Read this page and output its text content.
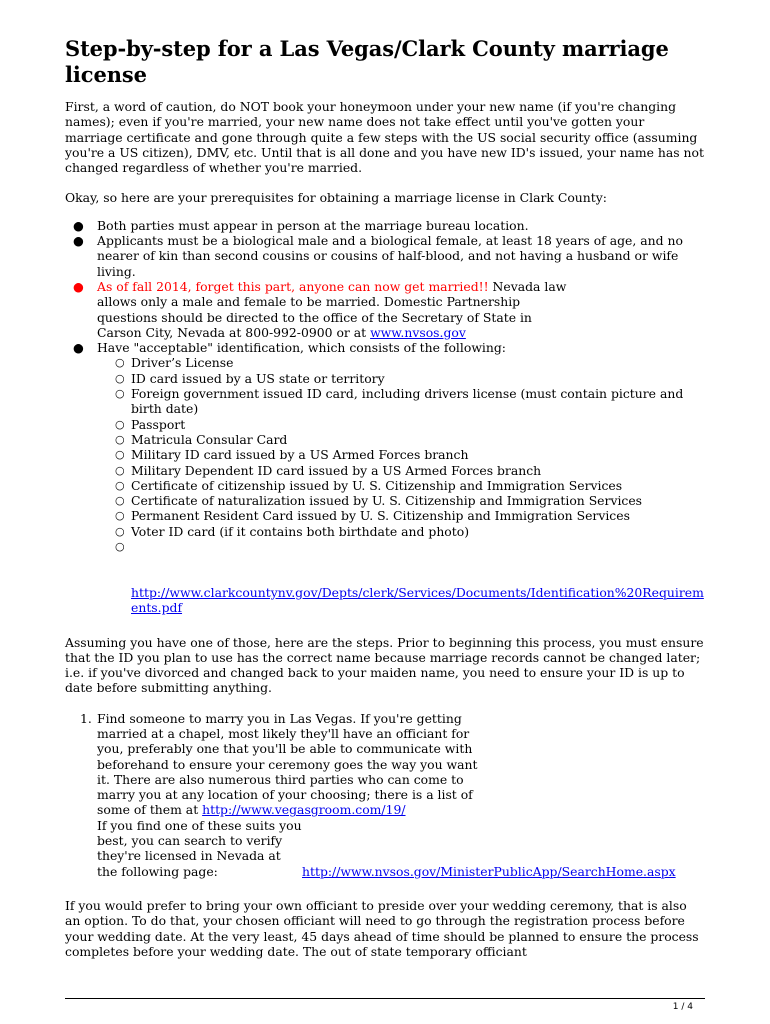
Step-by-step for a Las Vegas/Clark County marriage license

First, a word of caution, do NOT book your honeymoon under your new name (if you're changing names); even if you're married, your new name does not take effect until you've gotten your marriage certificate and gone through quite a few steps with the US social security office (assuming you're a US citizen), DMV, etc. Until that is all done and you have new ID's issued, your name has not changed regardless of whether you're married.

Okay, so here are your prerequisites for obtaining a marriage license in Clark County:

● Both parties must appear in person at the marriage bureau location.
● Applicants must be a biological male and a biological female, at least 18 years of age, and no nearer of kin than second cousins or cousins of half-blood, and not having a husband or wife living.
● As of fall 2014, forget this part, anyone can now get married!! Nevada law allows only a male and female to be married. Domestic Partnership questions should be directed to the office of the Secretary of State in Carson City, Nevada at 800-992-0900 or at www.nvsos.gov
● Have "acceptable" identification, which consists of the following:
○ Driver’s License
○ ID card issued by a US state or territory
○ Foreign government issued ID card, including drivers license (must contain picture and birth date)
○ Passport
○ Matricula Consular Card
○ Military ID card issued by a US Armed Forces branch
○ Military Dependent ID card issued by a US Armed Forces branch
○ Certificate of citizenship issued by U. S. Citizenship and Immigration Services
○ Certificate of naturalization issued by U. S. Citizenship and Immigration Services
○ Permanent Resident Card issued by U. S. Citizenship and Immigration Services
○ Voter ID card (if it contains both birthdate and photo)
○

http://www.clarkcountynv.gov/Depts/clerk/Services/Documents/Identification%20Requirements.pdf

Assuming you have one of those, here are the steps. Prior to beginning this process, you must ensure that the ID you plan to use has the correct name because marriage records cannot be changed later; i.e. if you've divorced and changed back to your maiden name, you need to ensure your ID is up to date before submitting anything.

1. Find someone to marry you in Las Vegas. If you're getting married at a chapel, most likely they'll have an officiant for you, preferably one that you'll be able to communicate with beforehand to ensure your ceremony goes the way you want it. There are also numerous third parties who can come to marry you at any location of your choosing; there is a list of some of them at http://www.vegasgroom.com/19/
If you find one of these suits you best, you can search to verify they're licensed in Nevada at the following page:	http://www.nvsos.gov/MinisterPublicApp/SearchHome.aspx

If you would prefer to bring your own officiant to preside over your wedding ceremony, that is also an option. To do that, your chosen officiant will need to go through the registration process before your wedding date. At the very least, 45 days ahead of time should be planned to ensure the process completes before your wedding date. The out of state temporary officiant

1 / 4
